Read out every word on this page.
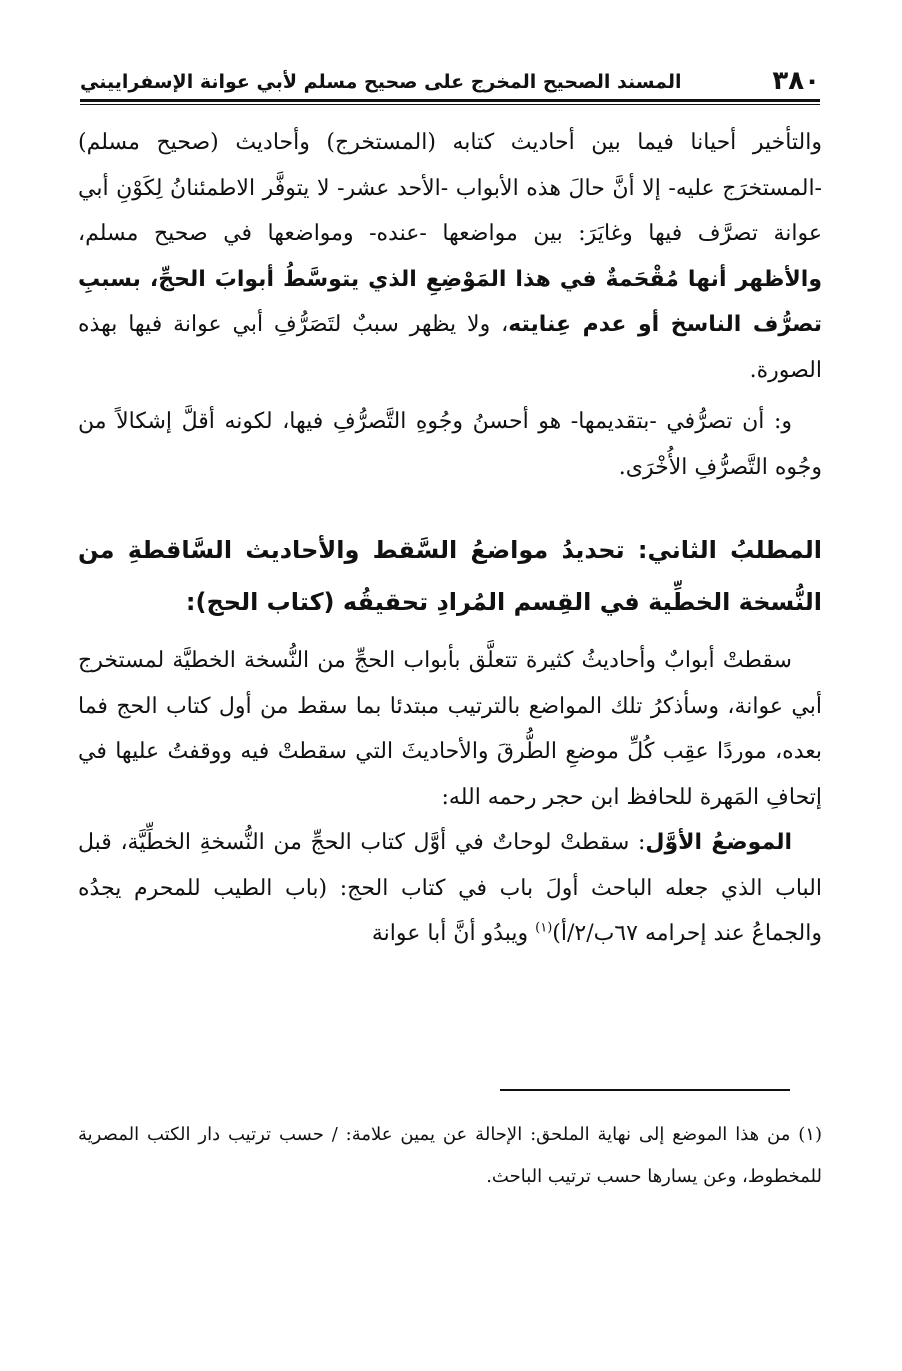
٣٨٠
المسند الصحيح المخرج على صحيح مسلم لأبي عوانة الإسفراييني

والتأخير أحيانا فيما بين أحاديث كتابه (المستخرج) وأحاديث (صحيح مسلم) -المستخرَج عليه- إلا أنَّ حالَ هذه الأبواب -الأحد عشر- لا يتوفَّر الاطمئنانُ لِكَوْنِ أبي عوانة تصرَّف فيها وغايَرَ: بين مواضعها -عنده- ومواضعها في صحيح مسلم، والأظهر أنها مُقْحَمةٌ في هذا المَوْضِعِ الذي يتوسَّطُ أبوابَ الحجِّ، بسببِ تصرُّف الناسخ أو عدم عِنايته، ولا يظهر سببٌ لتَصَرُّفِ أبي عوانة فيها بهذه الصورة.

و: أن تصرُّفي -بتقديمها- هو أحسنُ وجُوهِ التَّصرُّفِ فيها، لكونه أقلَّ إشكالاً من وجُوه التَّصرُّفِ الأُخْرَى.

المطلبُ الثاني: تحديدُ مواضعُ السَّقط والأحاديث السَّاقطةِ من النُّسخة الخطِّية في القِسم المُرادِ تحقيقُه (كتاب الحج):

سقطتْ أبوابٌ وأحاديثُ كثيرة تتعلَّق بأبواب الحجِّ من النُّسخة الخطيَّة لمستخرج أبي عوانة، وسأذكرُ تلك المواضع بالترتيب مبتدئا بما سقط من أول كتاب الحج فما بعده، موردًا عقِب كُلِّ موضعِ الطُّرقَ والأحاديثَ التي سقطتْ فيه ووقفتُ عليها في إتحافِ المَهرة للحافظ ابن حجر رحمه الله:

الموضعُ الأوَّل: سقطتْ لوحاتٌ في أوَّل كتاب الحجِّ من النُّسخةِ الخطِّيَّة، قبل الباب الذي جعله الباحث أولَ باب في كتاب الحج: (باب الطيب للمحرم يجدُه والجماعُ عند إحرامه ٦٧ب/٢/أ)$^{(١)}$ ويبدُو أنَّ أبا عوانة

(١) من هذا الموضع إلى نهاية الملحق: الإحالة عن يمين علامة: / حسب ترتيب دار الكتب المصرية للمخطوط، وعن يسارها حسب ترتيب الباحث.
